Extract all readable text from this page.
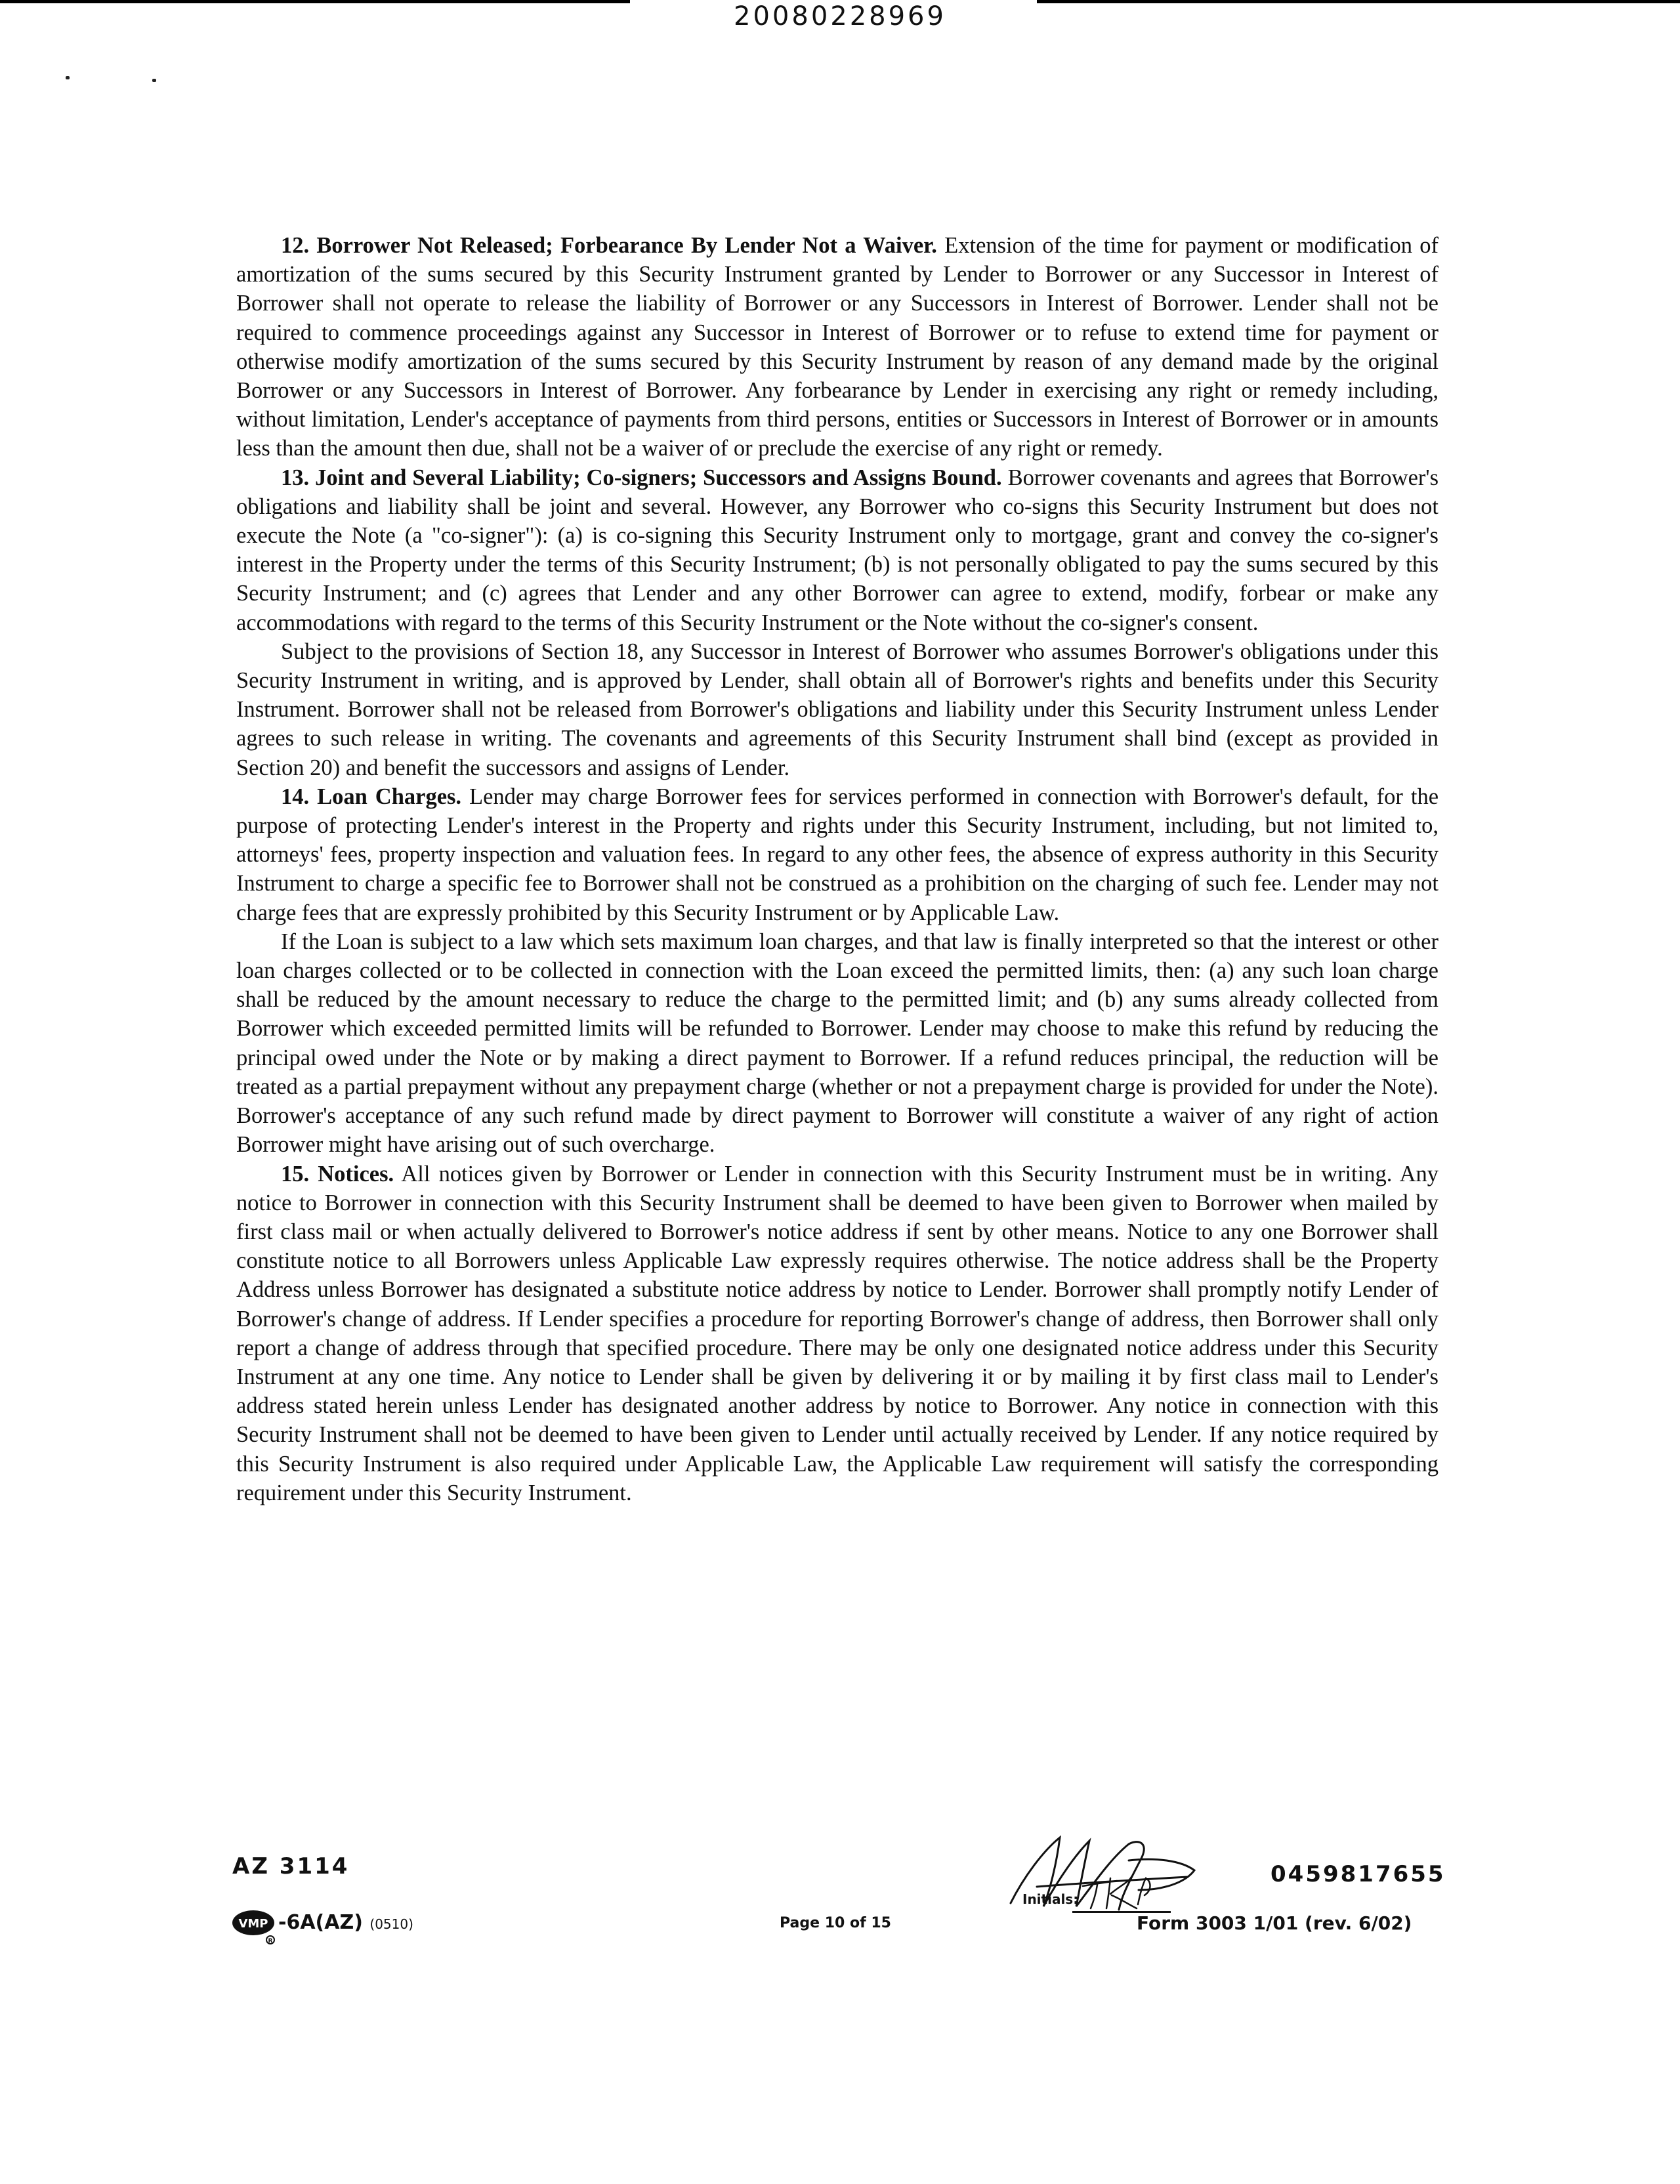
20080228969

12. Borrower Not Released; Forbearance By Lender Not a Waiver. Extension of the time for payment or modification of amortization of the sums secured by this Security Instrument granted by Lender to Borrower or any Successor in Interest of Borrower shall not operate to release the liability of Borrower or any Successors in Interest of Borrower. Lender shall not be required to commence proceedings against any Successor in Interest of Borrower or to refuse to extend time for payment or otherwise modify amortization of the sums secured by this Security Instrument by reason of any demand made by the original Borrower or any Successors in Interest of Borrower. Any forbearance by Lender in exercising any right or remedy including, without limitation, Lender's acceptance of payments from third persons, entities or Successors in Interest of Borrower or in amounts less than the amount then due, shall not be a waiver of or preclude the exercise of any right or remedy.

13. Joint and Several Liability; Co-signers; Successors and Assigns Bound. Borrower covenants and agrees that Borrower's obligations and liability shall be joint and several. However, any Borrower who co-signs this Security Instrument but does not execute the Note (a "co-signer"): (a) is co-signing this Security Instrument only to mortgage, grant and convey the co-signer's interest in the Property under the terms of this Security Instrument; (b) is not personally obligated to pay the sums secured by this Security Instrument; and (c) agrees that Lender and any other Borrower can agree to extend, modify, forbear or make any accommodations with regard to the terms of this Security Instrument or the Note without the co-signer's consent.

Subject to the provisions of Section 18, any Successor in Interest of Borrower who assumes Borrower's obligations under this Security Instrument in writing, and is approved by Lender, shall obtain all of Borrower's rights and benefits under this Security Instrument. Borrower shall not be released from Borrower's obligations and liability under this Security Instrument unless Lender agrees to such release in writing. The covenants and agreements of this Security Instrument shall bind (except as provided in Section 20) and benefit the successors and assigns of Lender.

14. Loan Charges. Lender may charge Borrower fees for services performed in connection with Borrower's default, for the purpose of protecting Lender's interest in the Property and rights under this Security Instrument, including, but not limited to, attorneys' fees, property inspection and valuation fees. In regard to any other fees, the absence of express authority in this Security Instrument to charge a specific fee to Borrower shall not be construed as a prohibition on the charging of such fee. Lender may not charge fees that are expressly prohibited by this Security Instrument or by Applicable Law.

If the Loan is subject to a law which sets maximum loan charges, and that law is finally interpreted so that the interest or other loan charges collected or to be collected in connection with the Loan exceed the permitted limits, then: (a) any such loan charge shall be reduced by the amount necessary to reduce the charge to the permitted limit; and (b) any sums already collected from Borrower which exceeded permitted limits will be refunded to Borrower. Lender may choose to make this refund by reducing the principal owed under the Note or by making a direct payment to Borrower. If a refund reduces principal, the reduction will be treated as a partial prepayment without any prepayment charge (whether or not a prepayment charge is provided for under the Note). Borrower's acceptance of any such refund made by direct payment to Borrower will constitute a waiver of any right of action Borrower might have arising out of such overcharge.

15. Notices. All notices given by Borrower or Lender in connection with this Security Instrument must be in writing. Any notice to Borrower in connection with this Security Instrument shall be deemed to have been given to Borrower when mailed by first class mail or when actually delivered to Borrower's notice address if sent by other means. Notice to any one Borrower shall constitute notice to all Borrowers unless Applicable Law expressly requires otherwise. The notice address shall be the Property Address unless Borrower has designated a substitute notice address by notice to Lender. Borrower shall promptly notify Lender of Borrower's change of address. If Lender specifies a procedure for reporting Borrower's change of address, then Borrower shall only report a change of address through that specified procedure. There may be only one designated notice address under this Security Instrument at any one time. Any notice to Lender shall be given by delivering it or by mailing it by first class mail to Lender's address stated herein unless Lender has designated another address by notice to Borrower. Any notice in connection with this Security Instrument shall not be deemed to have been given to Lender until actually received by Lender. If any notice required by this Security Instrument is also required under Applicable Law, the Applicable Law requirement will satisfy the corresponding requirement under this Security Instrument.

AZ 3114	0459817655
Initials:
VMP
R
-6A(AZ) (0510)	Page 10 of 15	Form 3003 1/01 (rev. 6/02)
